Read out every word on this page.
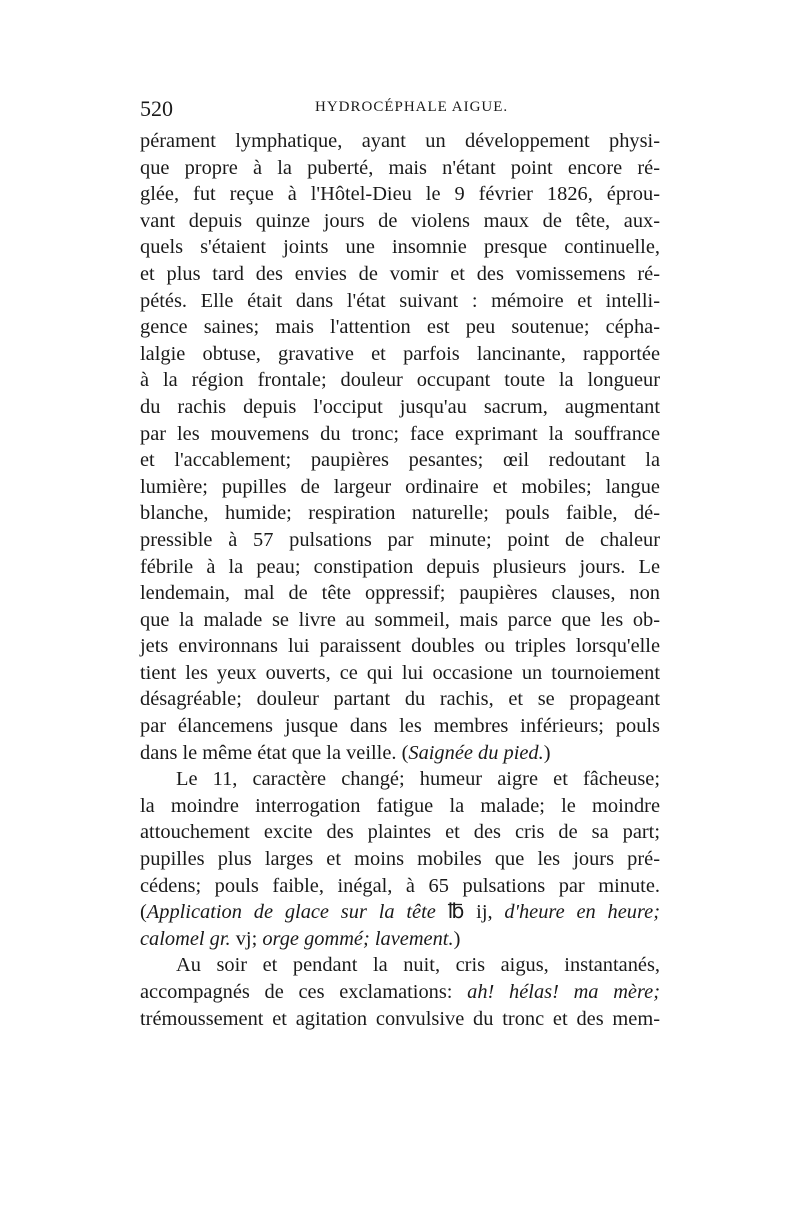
520	HYDROCÉPHALE AIGUE.
pérament lymphatique, ayant un développement physi-
que propre à la puberté, mais n'étant point encore ré-
glée, fut reçue à l'Hôtel-Dieu le 9 février 1826, éprou-
vant depuis quinze jours de violens maux de tête, aux-
quels s'étaient joints une insomnie presque continuelle,
et plus tard des envies de vomir et des vomissemens ré-
pétés. Elle était dans l'état suivant : mémoire et intelli-
gence saines; mais l'attention est peu soutenue; cépha-
lalgie obtuse, gravative et parfois lancinante, rapportée
à la région frontale; douleur occupant toute la longueur
du rachis depuis l'occiput jusqu'au sacrum, augmentant
par les mouvemens du tronc; face exprimant la souffrance
et l'accablement; paupières pesantes; œil redoutant la
lumière; pupilles de largeur ordinaire et mobiles; langue
blanche, humide; respiration naturelle; pouls faible, dé-
pressible à 57 pulsations par minute; point de chaleur
fébrile à la peau; constipation depuis plusieurs jours. Le
lendemain, mal de tête oppressif; paupières clauses, non
que la malade se livre au sommeil, mais parce que les ob-
jets environnans lui paraissent doubles ou triples lorsqu'elle
tient les yeux ouverts, ce qui lui occasione un tournoiement
désagréable; douleur partant du rachis, et se propageant
par élancemens jusque dans les membres inférieurs; pouls
dans le même état que la veille. (Saignée du pied.)
Le 11, caractère changé; humeur aigre et fâcheuse;
la moindre interrogation fatigue la malade; le moindre
attouchement excite des plaintes et des cris de sa part;
pupilles plus larges et moins mobiles que les jours pré-
cédens; pouls faible, inégal, à 65 pulsations par minute.
(Application de glace sur la tête ℔ ij, d'heure en heure;
calomel gr. vj; orge gommé; lavement.)
Au soir et pendant la nuit, cris aigus, instantanés,
accompagnés de ces exclamations: ah! hélas! ma mère;
trémoussement et agitation convulsive du tronc et des mem-
